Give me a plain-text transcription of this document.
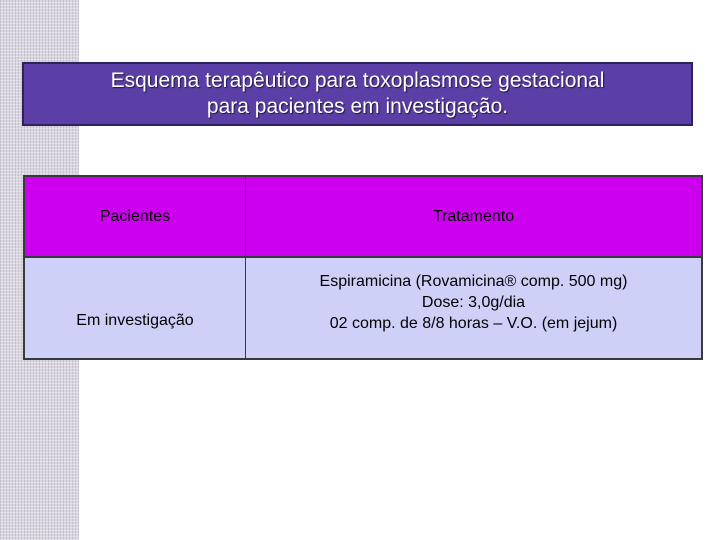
Esquema terapêutico para toxoplasmose gestacional
para pacientes em investigação.
Pacientes	Tratamento
Em investigação
Espiramicina (Rovamicina® comp. 500 mg)
Dose: 3,0g/dia
02 comp. de 8/8 horas – V.O. (em jejum)
